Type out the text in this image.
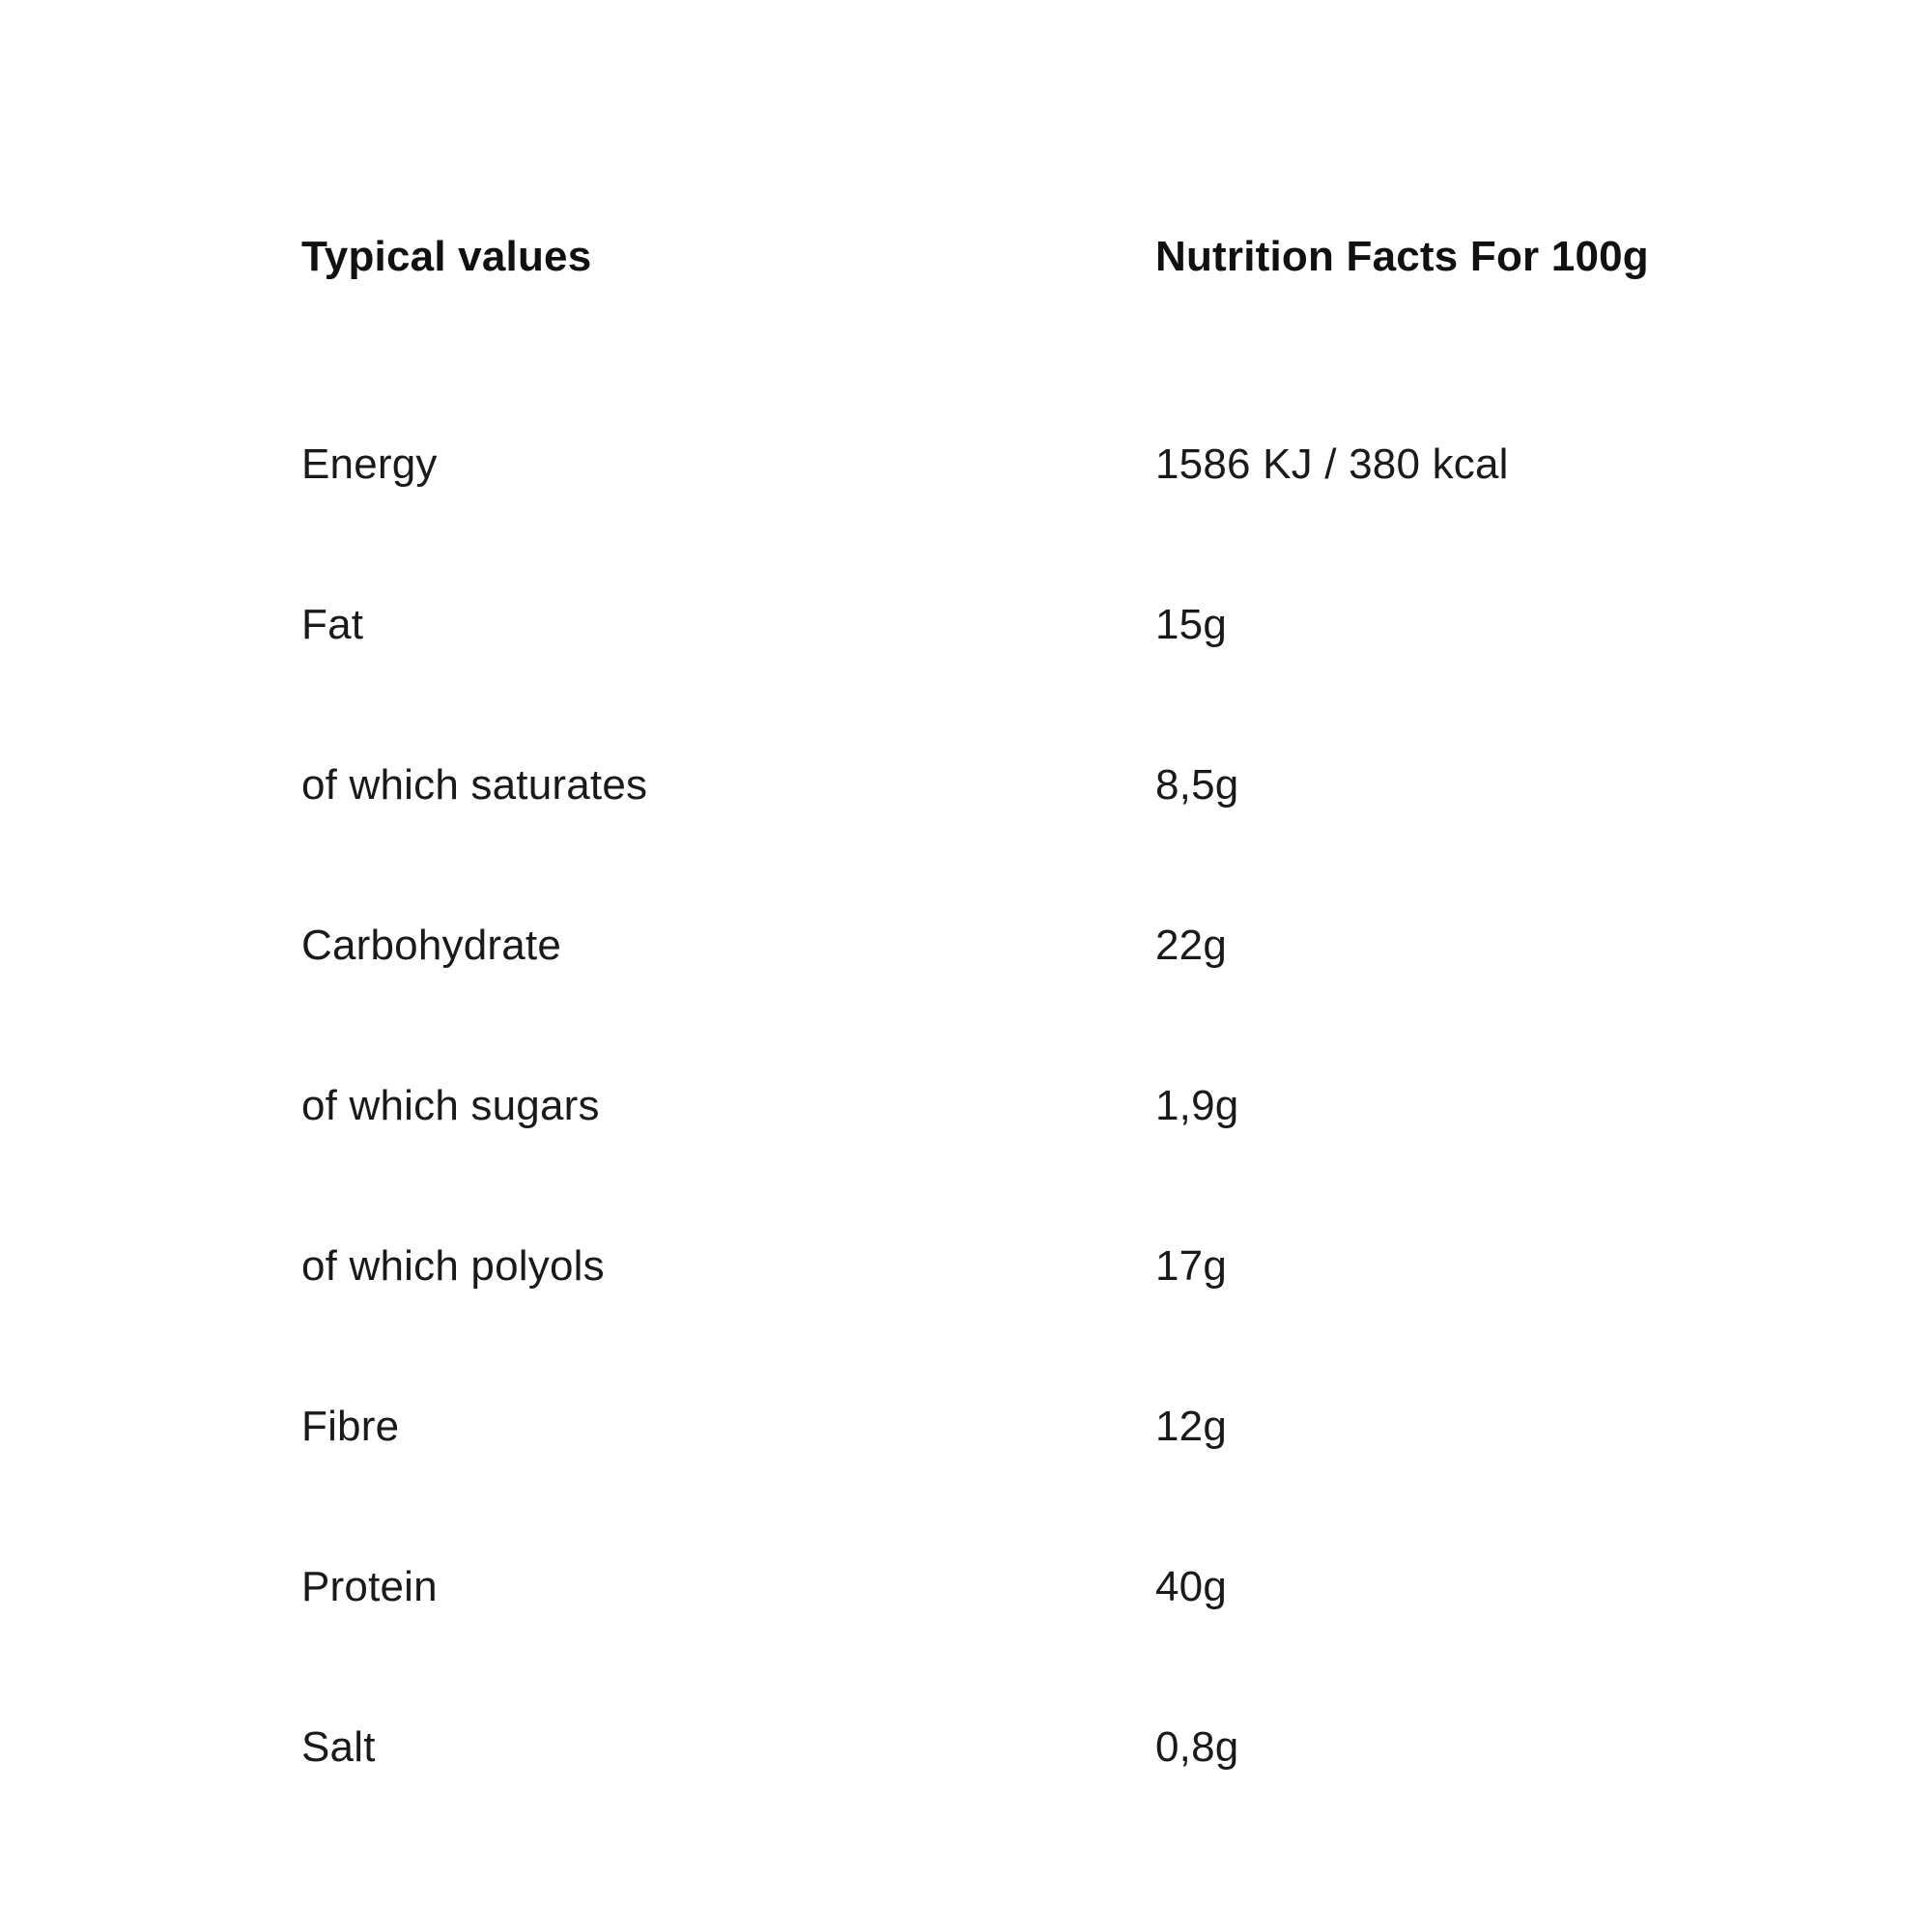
Typical values	Nutrition Facts For 100g
Energy	1586 KJ / 380 kcal
Fat	15g
of which saturates	8,5g
Carbohydrate	22g
of which sugars	1,9g
of which polyols	17g
Fibre	12g
Protein	40g
Salt	0,8g
